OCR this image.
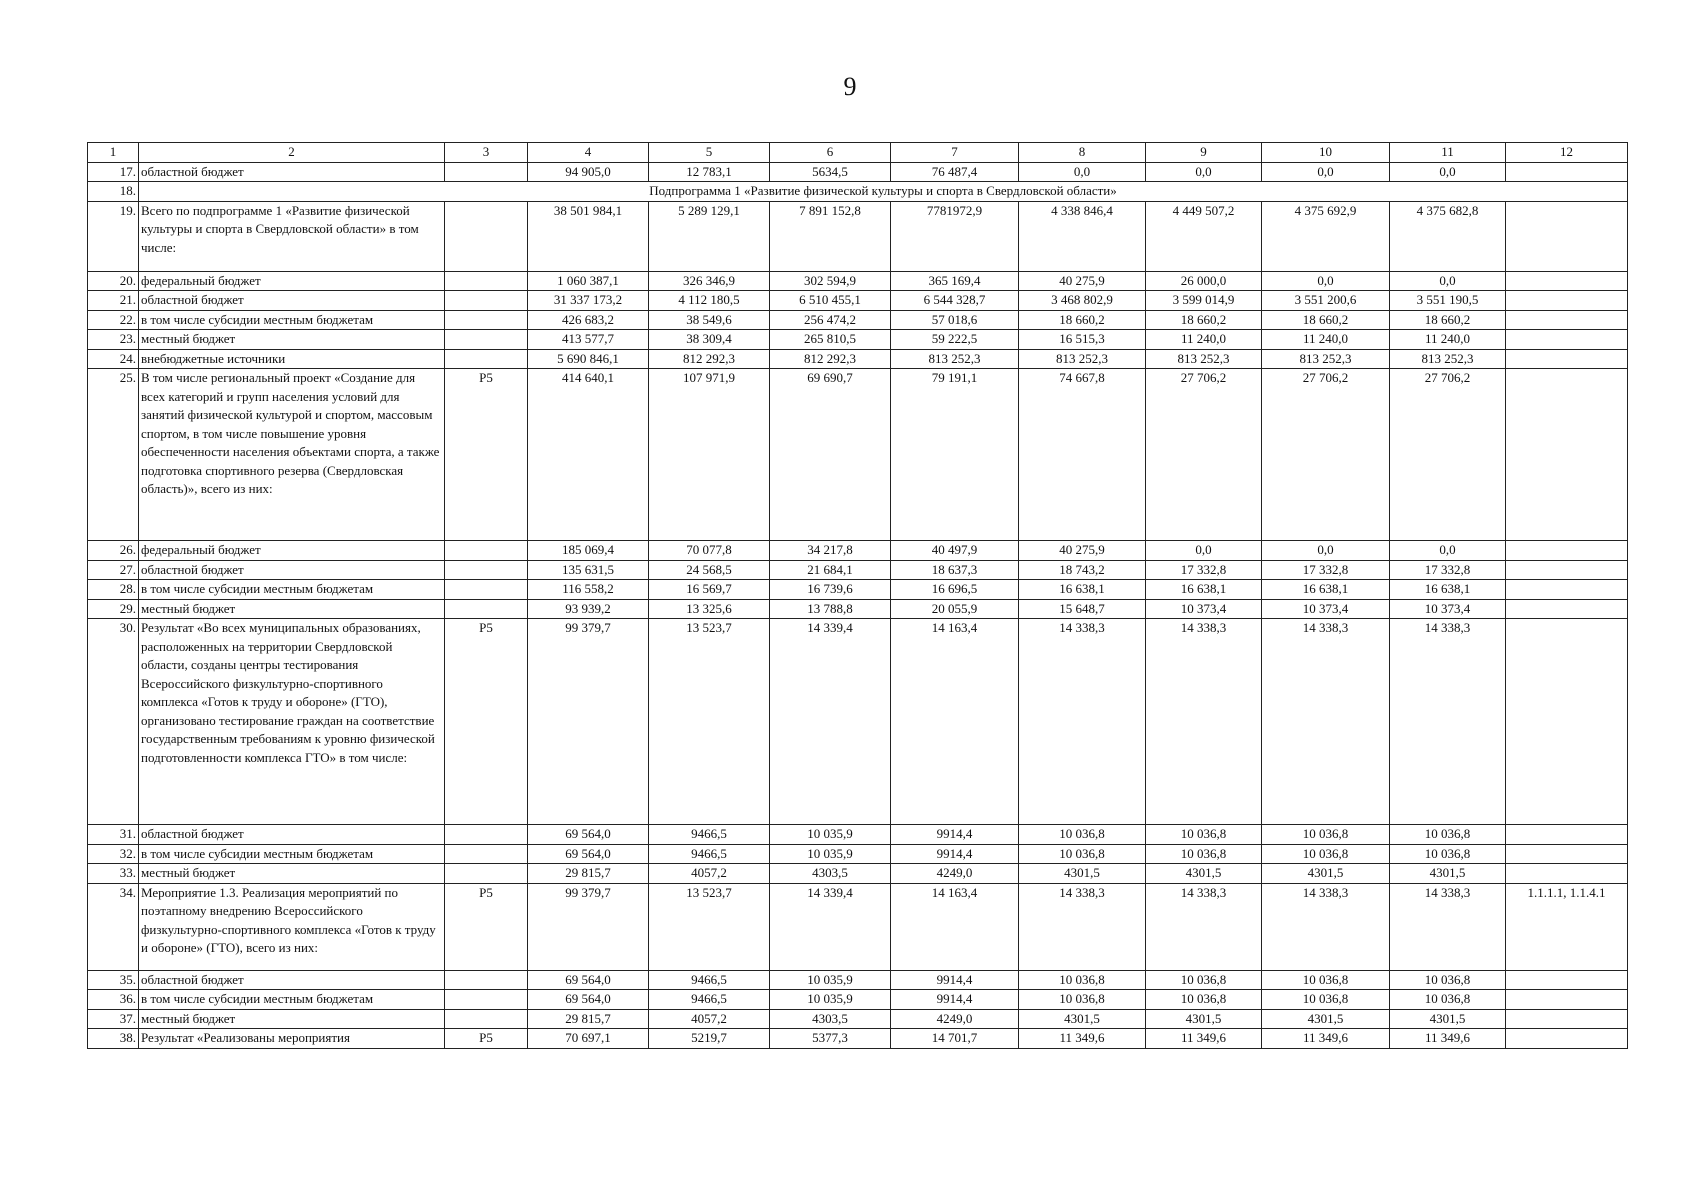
9
1	2	3	4	5	6	7	8	9	10	11	12
17.	областной бюджет		94 905,0	12 783,1	5634,5	76 487,4	0,0	0,0	0,0	0,0	
18.	Подпрограмма 1 «Развитие физической культуры и спорта в Свердловской области»										
19.	Всего по подпрограмме 1 «Развитие физической культуры и спорта в Свердловской области» в том числе:		38 501 984,1	5 289 129,1	7 891 152,8	7781972,9	4 338 846,4	4 449 507,2	4 375 692,9	4 375 682,8	
20.	федеральный бюджет		1 060 387,1	326 346,9	302 594,9	365 169,4	40 275,9	26 000,0	0,0	0,0	
21.	областной бюджет		31 337 173,2	4 112 180,5	6 510 455,1	6 544 328,7	3 468 802,9	3 599 014,9	3 551 200,6	3 551 190,5	
22.	в том числе субсидии местным бюджетам		426 683,2	38 549,6	256 474,2	57 018,6	18 660,2	18 660,2	18 660,2	18 660,2	
23.	местный бюджет		413 577,7	38 309,4	265 810,5	59 222,5	16 515,3	11 240,0	11 240,0	11 240,0	
24.	внебюджетные источники		5 690 846,1	812 292,3	812 292,3	813 252,3	813 252,3	813 252,3	813 252,3	813 252,3	
25.	В том числе региональный проект «Создание для всех категорий и групп населения условий для занятий физической культурой и спортом, массовым спортом, в том числе повышение уровня обеспеченности населения объектами спорта, а также подготовка спортивного резерва (Свердловская область)», всего из них:	Р5	414 640,1	107 971,9	69 690,7	79 191,1	74 667,8	27 706,2	27 706,2	27 706,2	
26.	федеральный бюджет		185 069,4	70 077,8	34 217,8	40 497,9	40 275,9	0,0	0,0	0,0	
27.	областной бюджет		135 631,5	24 568,5	21 684,1	18 637,3	18 743,2	17 332,8	17 332,8	17 332,8	
28.	в том числе субсидии местным бюджетам		116 558,2	16 569,7	16 739,6	16 696,5	16 638,1	16 638,1	16 638,1	16 638,1	
29.	местный бюджет		93 939,2	13 325,6	13 788,8	20 055,9	15 648,7	10 373,4	10 373,4	10 373,4	
30.	Результат «Во всех муниципальных образованиях, расположенных на территории Свердловской области, созданы центры тестирования Всероссийского физкультурно-спортивного комплекса «Готов к труду и обороне» (ГТО), организовано тестирование граждан на соответствие государственным требованиям к уровню физической подготовленности комплекса ГТО» в том числе:	Р5	99 379,7	13 523,7	14 339,4	14 163,4	14 338,3	14 338,3	14 338,3	14 338,3	
31.	областной бюджет		69 564,0	9466,5	10 035,9	9914,4	10 036,8	10 036,8	10 036,8	10 036,8	
32.	в том числе субсидии местным бюджетам		69 564,0	9466,5	10 035,9	9914,4	10 036,8	10 036,8	10 036,8	10 036,8	
33.	местный бюджет		29 815,7	4057,2	4303,5	4249,0	4301,5	4301,5	4301,5	4301,5	
34.	Мероприятие 1.3. Реализация мероприятий по поэтапному внедрению Всероссийского физкультурно-спортивного комплекса «Готов к труду и обороне» (ГТО), всего из них:	Р5	99 379,7	13 523,7	14 339,4	14 163,4	14 338,3	14 338,3	14 338,3	14 338,3	1.1.1.1, 1.1.4.1
35.	областной бюджет		69 564,0	9466,5	10 035,9	9914,4	10 036,8	10 036,8	10 036,8	10 036,8	
36.	в том числе субсидии местным бюджетам		69 564,0	9466,5	10 035,9	9914,4	10 036,8	10 036,8	10 036,8	10 036,8	
37.	местный бюджет		29 815,7	4057,2	4303,5	4249,0	4301,5	4301,5	4301,5	4301,5	
38.	Результат «Реализованы мероприятия	Р5	70 697,1	5219,7	5377,3	14 701,7	11 349,6	11 349,6	11 349,6	11 349,6	
